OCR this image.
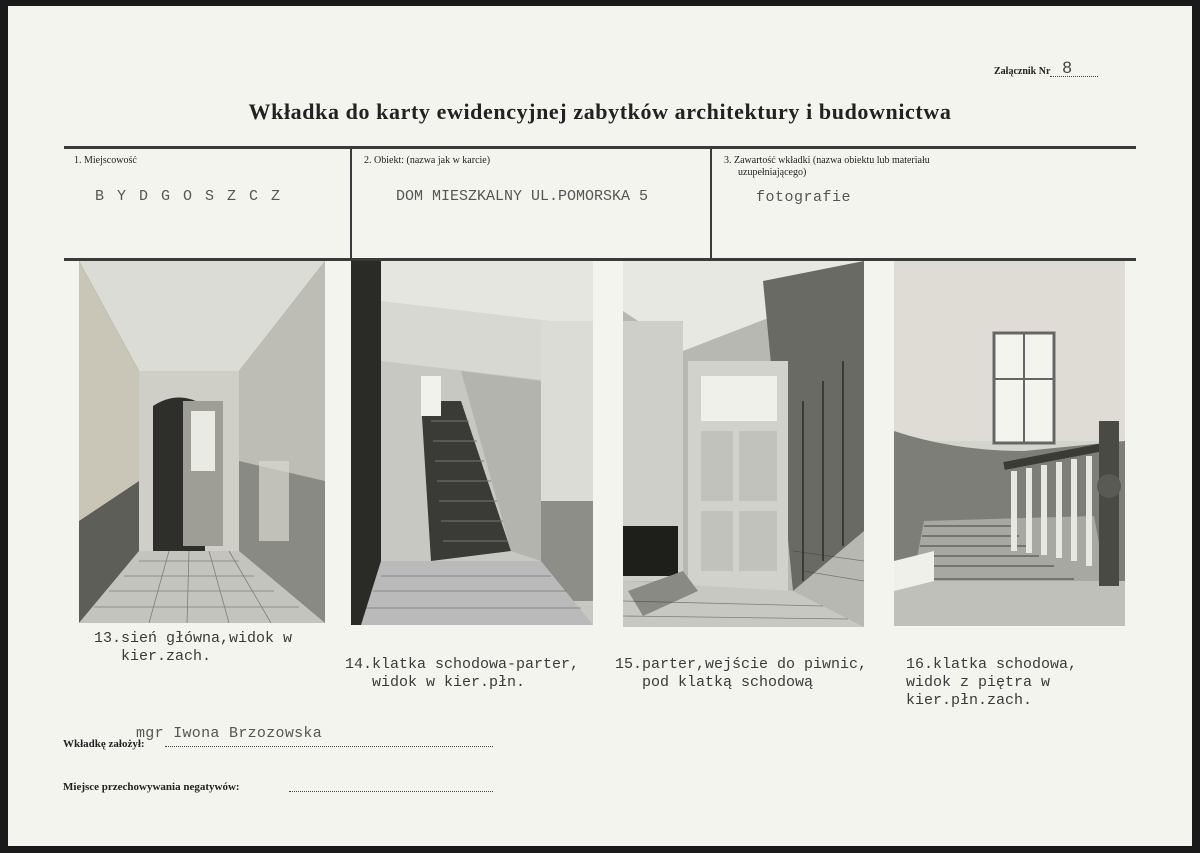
Załącznik Nr 8
Wkładka do karty ewidencyjnej zabytków architektury i budownictwa
1. Miejscowość
B Y D G O S Z C Z
2. Obiekt: (nazwa jak w karcie)
DOM MIESZKALNY UL.POMORSKA 5
3. Zawartość wkładki (nazwa obiektu lub materiału
uzupełniającego)
fotografie
13.sień główna,widok w
kier.zach.	14.klatka schodowa-parter,
widok w kier.płn.
15.parter,wejście do piwnic,
pod klatką schodową
16.klatka schodowa,
widok z piętra w
kier.płn.zach.
mgr Iwona Brzozowska
Wkładkę założył:
Miejsce przechowywania negatywów:
